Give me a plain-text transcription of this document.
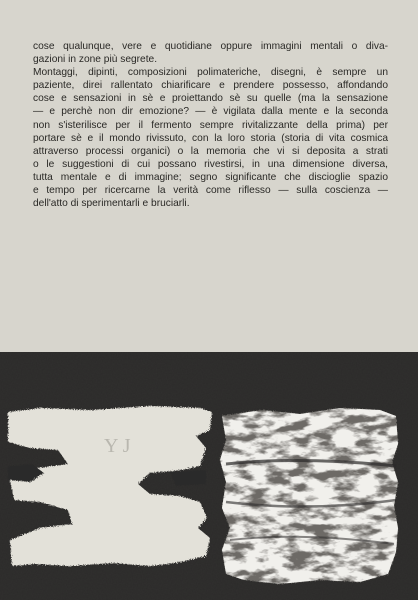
cose qualunque, vere e quotidiane oppure immagini mentali o diva-
gazioni in zone più segrete.
Montaggi, dipinti, composizioni polimateriche, disegni, è sempre un
paziente, direi rallentato chiarificare e prendere possesso, affondando
cose e sensazioni in sè e proiettando sè su quelle (ma la sensazione
— e perchè non dir emozione? — è vigilata dalla mente e la seconda
non s'isterilisce per il fermento sempre rivitalizzante della prima) per
portare sè e il mondo rivissuto, con la loro storia (storia di vita cosmica
attraverso processi organici) o la memoria che vi si deposita a strati
o le suggestioni di cui possano rivestirsi, in una dimensione diversa,
tutta mentale e di immagine; segno significante che discioglie spazio
e tempo per ricercarne la verità come riflesso — sulla coscienza —
dell'atto di sperimentarli e bruciarli.
Y J
